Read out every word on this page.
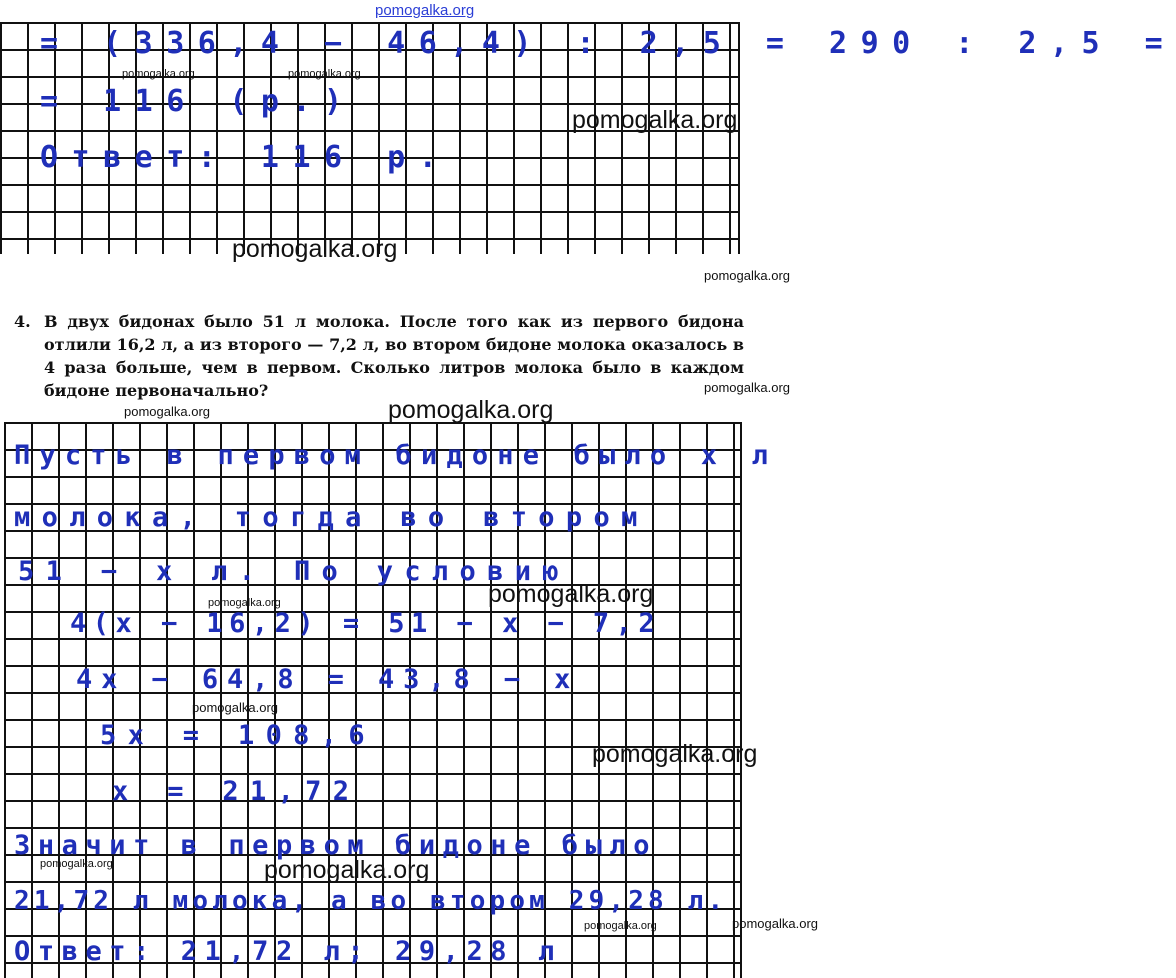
pomogalka.org

= (336,4 − 46,4) : 2,5 = 290 : 2,5 =

= 116 (р.)

Ответ: 116 р.

4. В двух бидонах было 51 л молока. После того как из первого бидона отлили 16,2 л, а из второго — 7,2 л, во втором бидоне молока оказалось в 4 раза больше, чем в первом. Сколько литров молока было в каждом бидоне первоначально?

Пусть в первом бидоне было х л

молока, тогда во втором

51 − х л. По условию

4(х − 16,2) = 51 − х − 7,2

4х − 64,8 = 43,8 − х

5х = 108,6

х = 21,72

Значит в первом бидоне было

21,72 л молока, а во втором 29,28 л.

Ответ: 21,72 л; 29,28 л

pomogalka.org	pomogalka.org

pomogalka.org

pomogalka.org

pomogalka.org

pomogalka.org

pomogalka.org	pomogalka.org

pomogalka.org

pomogalka.org

pomogalka.org

pomogalka.org

pomogalka.org	pomogalka.org

pomogalka.org	pomogalka.org
